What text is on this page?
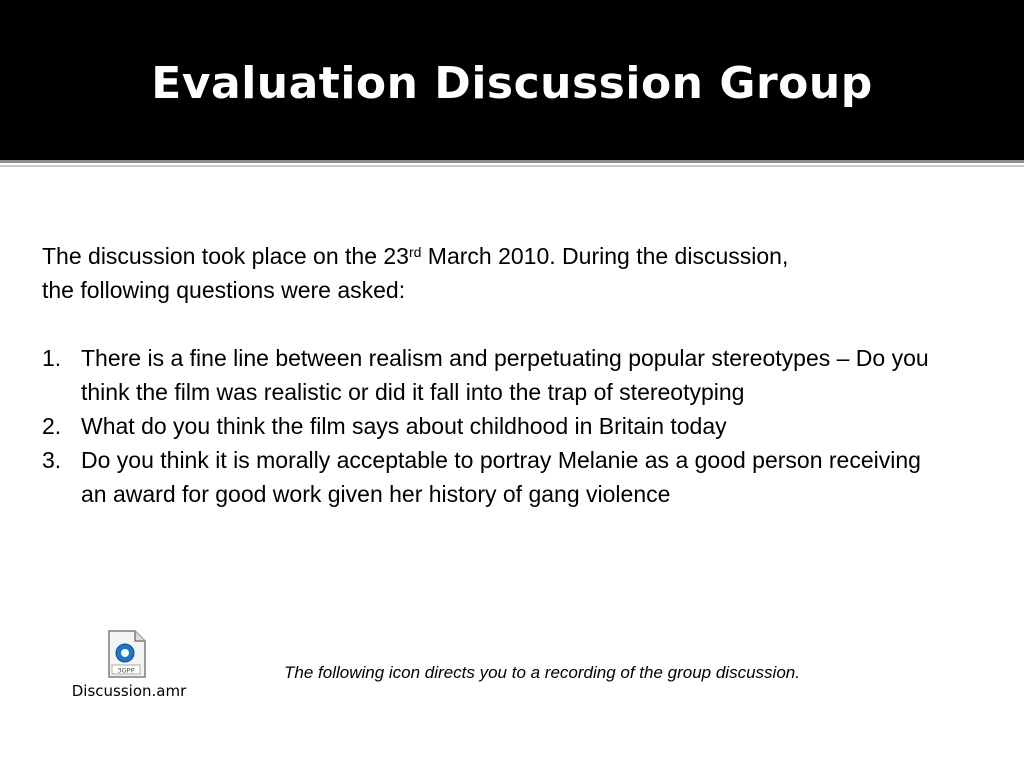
Evaluation Discussion Group
The discussion took place on the 23rd March 2010. During the discussion,
the following questions were asked:
1. There is a fine line between realism and perpetuating popular stereotypes – Do you think the film was realistic or did it fall into the trap of stereotyping
2. What do you think the film says about childhood in Britain today
3. Do you think it is morally acceptable to portray Melanie as a good person receiving an award for good work given her history of gang violence
3GPP
Discussion.amr
The following icon directs you to a recording of the group discussion.
